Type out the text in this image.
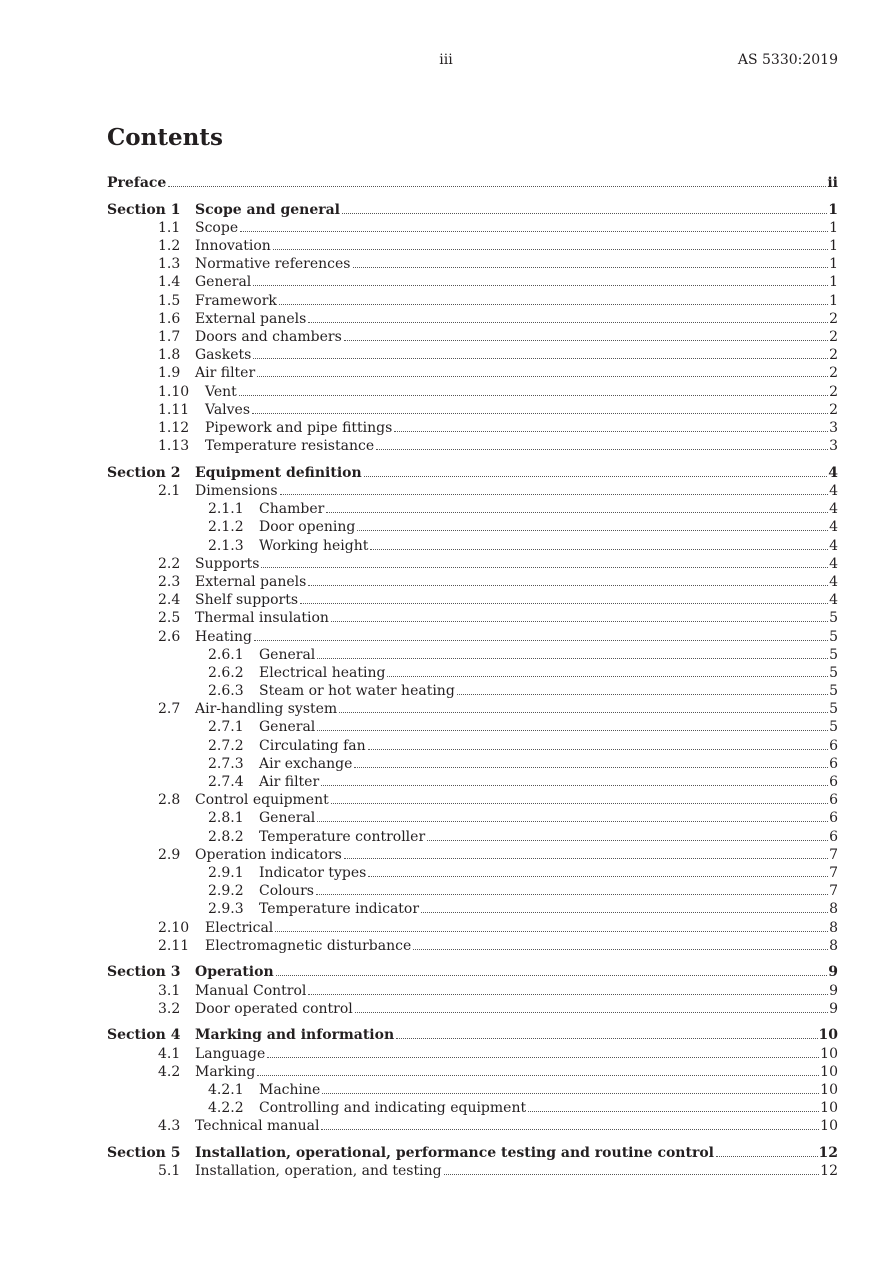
iii	AS 5330:2019
Contents
Preface	ii
Section 1 Scope and general	1
1.1 Scope	1
1.2 Innovation	1
1.3 Normative references	1
1.4 General	1
1.5 Framework	1
1.6 External panels	2
1.7 Doors and chambers	2
1.8 Gaskets	2
1.9 Air filter	2
1.10 Vent	2
1.11 Valves	2
1.12 Pipework and pipe fittings	3
1.13 Temperature resistance	3
Section 2 Equipment definition	4
2.1 Dimensions	4
2.1.1 Chamber	4
2.1.2 Door opening	4
2.1.3 Working height	4
2.2 Supports	4
2.3 External panels	4
2.4 Shelf supports	4
2.5 Thermal insulation	5
2.6 Heating	5
2.6.1 General	5
2.6.2 Electrical heating	5
2.6.3 Steam or hot water heating	5
2.7 Air-handling system	5
2.7.1 General	5
2.7.2 Circulating fan	6
2.7.3 Air exchange	6
2.7.4 Air filter	6
2.8 Control equipment	6
2.8.1 General	6
2.8.2 Temperature controller	6
2.9 Operation indicators	7
2.9.1 Indicator types	7
2.9.2 Colours	7
2.9.3 Temperature indicator	8
2.10 Electrical	8
2.11 Electromagnetic disturbance	8
Section 3 Operation	9
3.1 Manual Control	9
3.2 Door operated control	9
Section 4 Marking and information	10
4.1 Language	10
4.2 Marking	10
4.2.1 Machine	10
4.2.2 Controlling and indicating equipment	10
4.3 Technical manual	10
Section 5 Installation, operational, performance testing and routine control	12
5.1 Installation, operation, and testing	12
